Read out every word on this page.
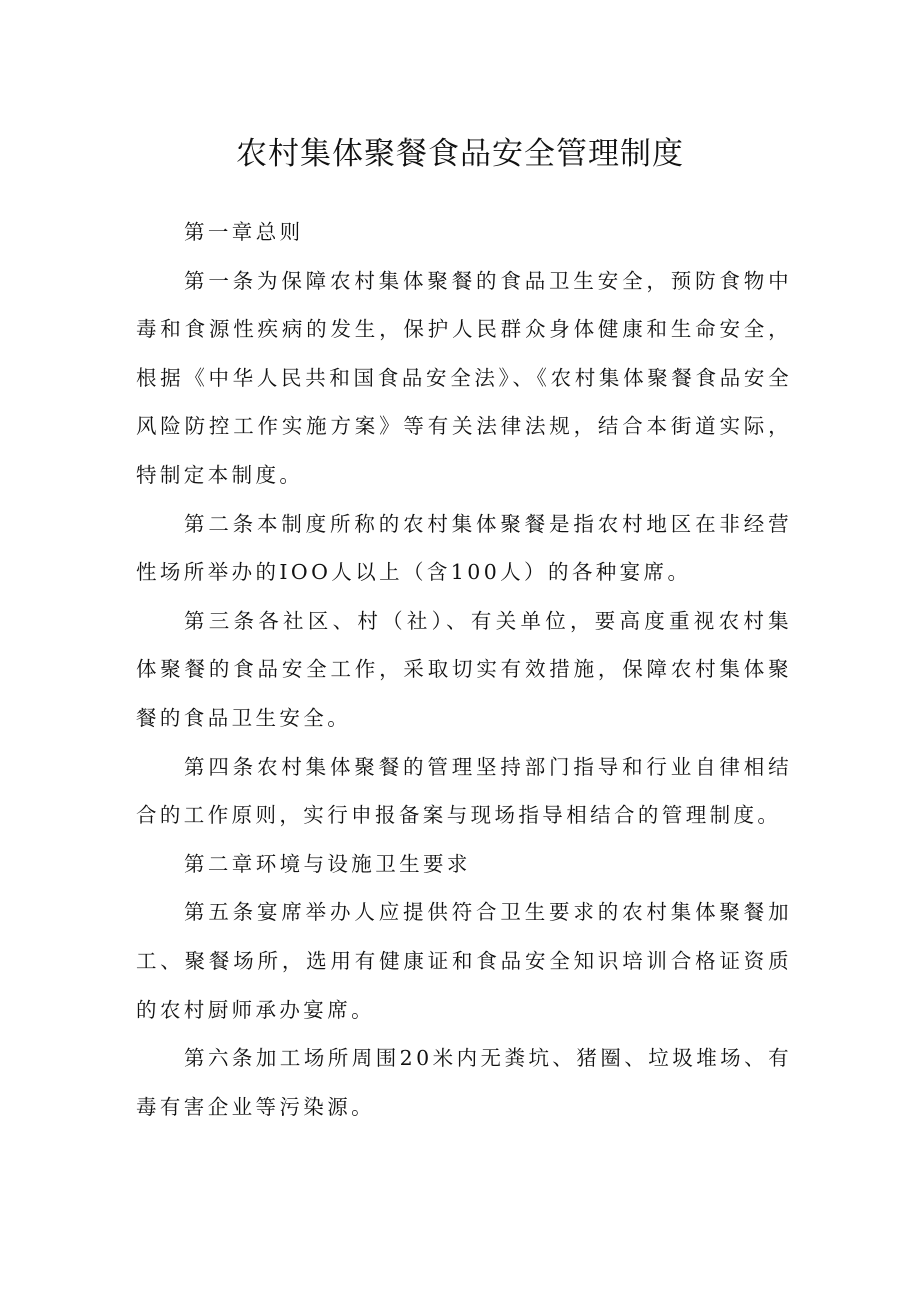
农村集体聚餐食品安全管理制度

第一章总则

第一条为保障农村集体聚餐的食品卫生安全，预防食物中毒和食源性疾病的发生，保护人民群众身体健康和生命安全，根据《中华人民共和国食品安全法》、《农村集体聚餐食品安全风险防控工作实施方案》等有关法律法规，结合本街道实际，特制定本制度。

第二条本制度所称的农村集体聚餐是指农村地区在非经营性场所举办的IOO人以上（含100人）的各种宴席。

第三条各社区、村（社）、有关单位，要高度重视农村集体聚餐的食品安全工作，采取切实有效措施，保障农村集体聚餐的食品卫生安全。

第四条农村集体聚餐的管理坚持部门指导和行业自律相结合的工作原则，实行申报备案与现场指导相结合的管理制度。

第二章环境与设施卫生要求

第五条宴席举办人应提供符合卫生要求的农村集体聚餐加工、聚餐场所，选用有健康证和食品安全知识培训合格证资质的农村厨师承办宴席。

第六条加工场所周围20米内无粪坑、猪圈、垃圾堆场、有毒有害企业等污染源。
